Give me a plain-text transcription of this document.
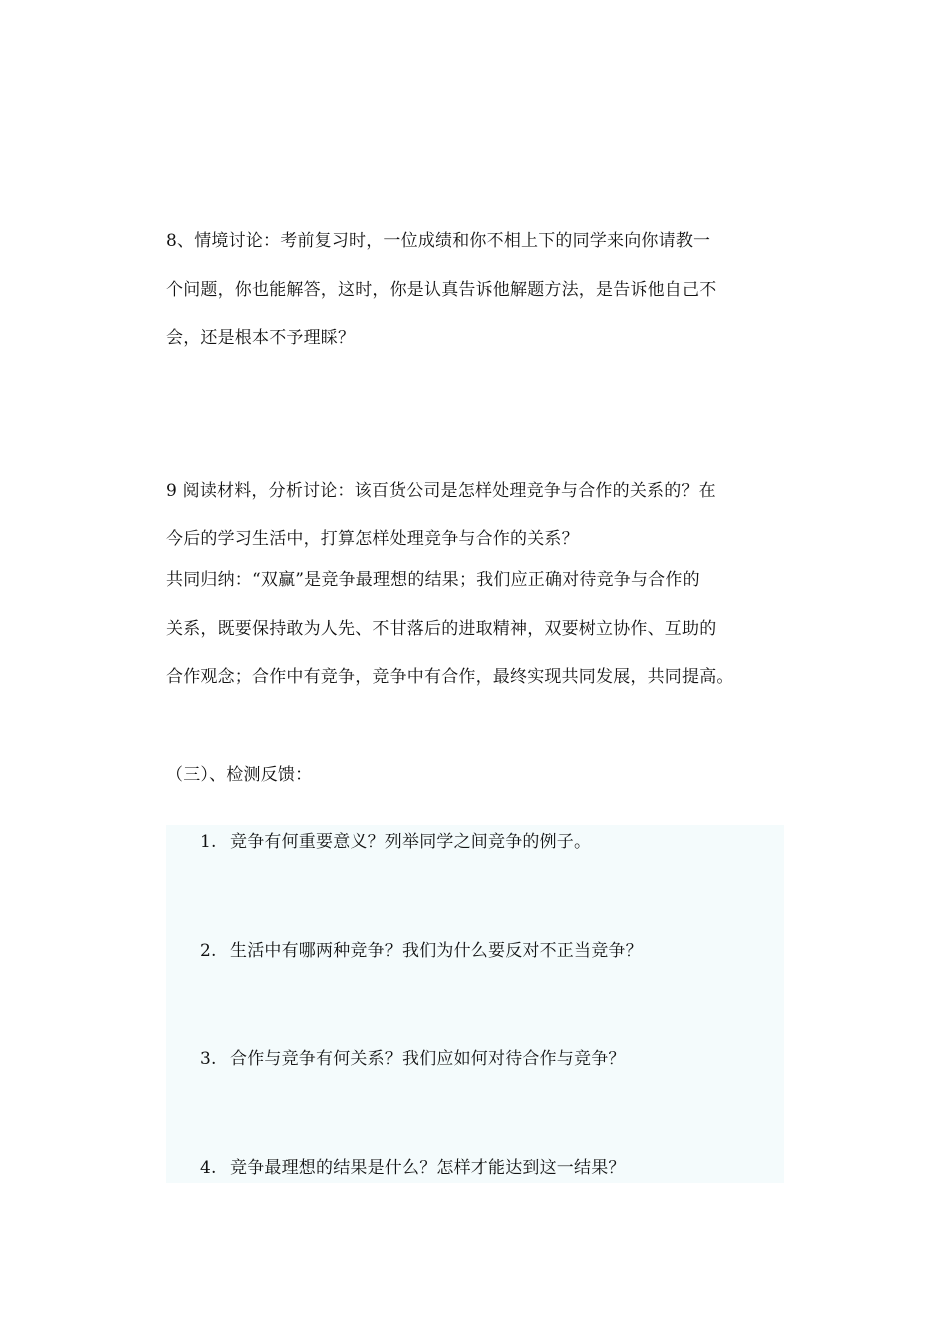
8、情境讨论：考前复习时，一位成绩和你不相上下的同学来向你请教一
个问题，你也能解答，这时，你是认真告诉他解题方法，是告诉他自己不
会，还是根本不予理睬？
9 阅读材料，分析讨论：该百货公司是怎样处理竞争与合作的关系的？在
今后的学习生活中，打算怎样处理竞争与合作的关系？
共同归纳：“双赢”是竞争最理想的结果；我们应正确对待竞争与合作的
关系，既要保持敢为人先、不甘落后的进取精神，双要树立协作、互助的
合作观念；合作中有竞争，竞争中有合作，最终实现共同发展，共同提高。
（三）、检测反馈：
1. 竞争有何重要意义？列举同学之间竞争的例子。
2. 生活中有哪两种竞争？我们为什么要反对不正当竞争？
3. 合作与竞争有何关系？我们应如何对待合作与竞争？
4. 竞争最理想的结果是什么？怎样才能达到这一结果？
